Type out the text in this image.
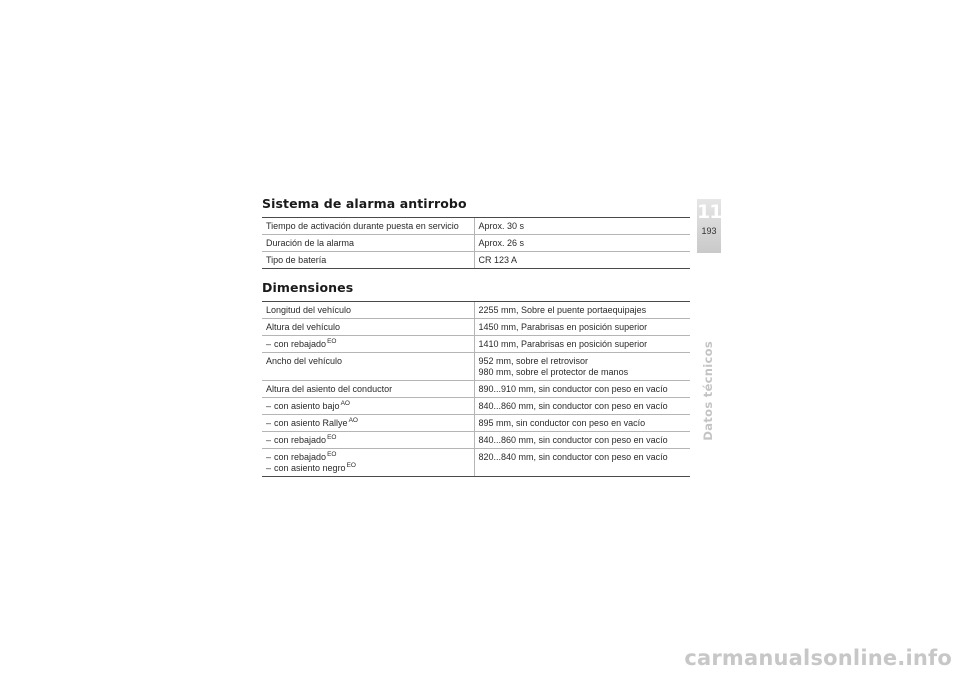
Sistema de alarma antirrobo
Tiempo de activación durante puesta en servicio	Aprox. 30 s

Duración de la alarma	Aprox. 26 s

Tipo de batería	CR 123 A
Dimensiones
Longitud del vehículo	2255 mm, Sobre el puente portaequipajes

Altura del vehículo	1450 mm, Parabrisas en posición superior

– con rebajado$^{EO}$	1410 mm, Parabrisas en posición superior

Ancho del vehículo	952 mm, sobre el retrovisor
980 mm, sobre el protector de manos

Altura del asiento del conductor	890...910 mm, sin conductor con peso en vacío

– con asiento bajo$^{AO}$	840...860 mm, sin conductor con peso en vacío

– con asiento Rallye$^{AO}$	895 mm, sin conductor con peso en vacío

– con rebajado$^{EO}$	840...860 mm, sin conductor con peso en vacío

– con rebajado$^{EO}$
– con asiento negro$^{EO}$	820...840 mm, sin conductor con peso en vacío
11
193
Datos técnicos
carmanualsonline.info
